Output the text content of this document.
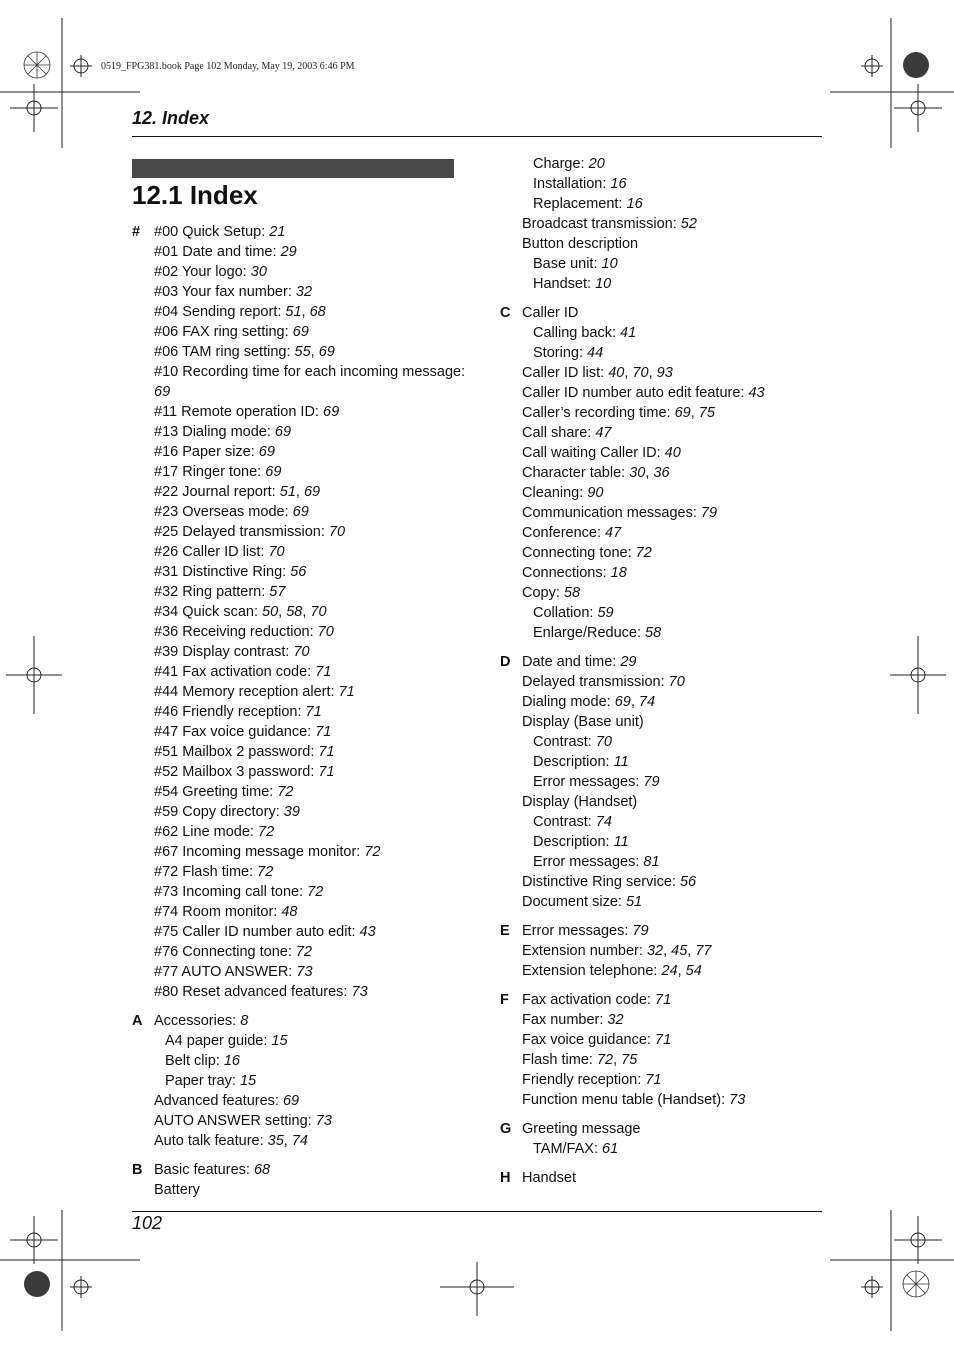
0519_FPG381.book Page 102 Monday, May 19, 2003 6:46 PM
12. Index
12.1 Index
# #00 Quick Setup: 21
#01 Date and time: 29
#02 Your logo: 30
#03 Your fax number: 32
#04 Sending report: 51, 68
#06 FAX ring setting: 69
#06 TAM ring setting: 55, 69
#10 Recording time for each incoming message: 69
#11 Remote operation ID: 69
#13 Dialing mode: 69
#16 Paper size: 69
#17 Ringer tone: 69
#22 Journal report: 51, 69
#23 Overseas mode: 69
#25 Delayed transmission: 70
#26 Caller ID list: 70
#31 Distinctive Ring: 56
#32 Ring pattern: 57
#34 Quick scan: 50, 58, 70
#36 Receiving reduction: 70
#39 Display contrast: 70
#41 Fax activation code: 71
#44 Memory reception alert: 71
#46 Friendly reception: 71
#47 Fax voice guidance: 71
#51 Mailbox 2 password: 71
#52 Mailbox 3 password: 71
#54 Greeting time: 72
#59 Copy directory: 39
#62 Line mode: 72
#67 Incoming message monitor: 72
#72 Flash time: 72
#73 Incoming call tone: 72
#74 Room monitor: 48
#75 Caller ID number auto edit: 43
#76 Connecting tone: 72
#77 AUTO ANSWER: 73
#80 Reset advanced features: 73
A Accessories: 8
A4 paper guide: 15
Belt clip: 16
Paper tray: 15
Advanced features: 69
AUTO ANSWER setting: 73
Auto talk feature: 35, 74
B Basic features: 68
Battery
Charge: 20
Installation: 16
Replacement: 16
Broadcast transmission: 52
Button description
Base unit: 10
Handset: 10
C Caller ID
Calling back: 41
Storing: 44
Caller ID list: 40, 70, 93
Caller ID number auto edit feature: 43
Caller’s recording time: 69, 75
Call share: 47
Call waiting Caller ID: 40
Character table: 30, 36
Cleaning: 90
Communication messages: 79
Conference: 47
Connecting tone: 72
Connections: 18
Copy: 58
Collation: 59
Enlarge/Reduce: 58
D Date and time: 29
Delayed transmission: 70
Dialing mode: 69, 74
Display (Base unit)
Contrast: 70
Description: 11
Error messages: 79
Display (Handset)
Contrast: 74
Description: 11
Error messages: 81
Distinctive Ring service: 56
Document size: 51
E Error messages: 79
Extension number: 32, 45, 77
Extension telephone: 24, 54
F Fax activation code: 71
Fax number: 32
Fax voice guidance: 71
Flash time: 72, 75
Friendly reception: 71
Function menu table (Handset): 73
G Greeting message
TAM/FAX: 61
H Handset
102
